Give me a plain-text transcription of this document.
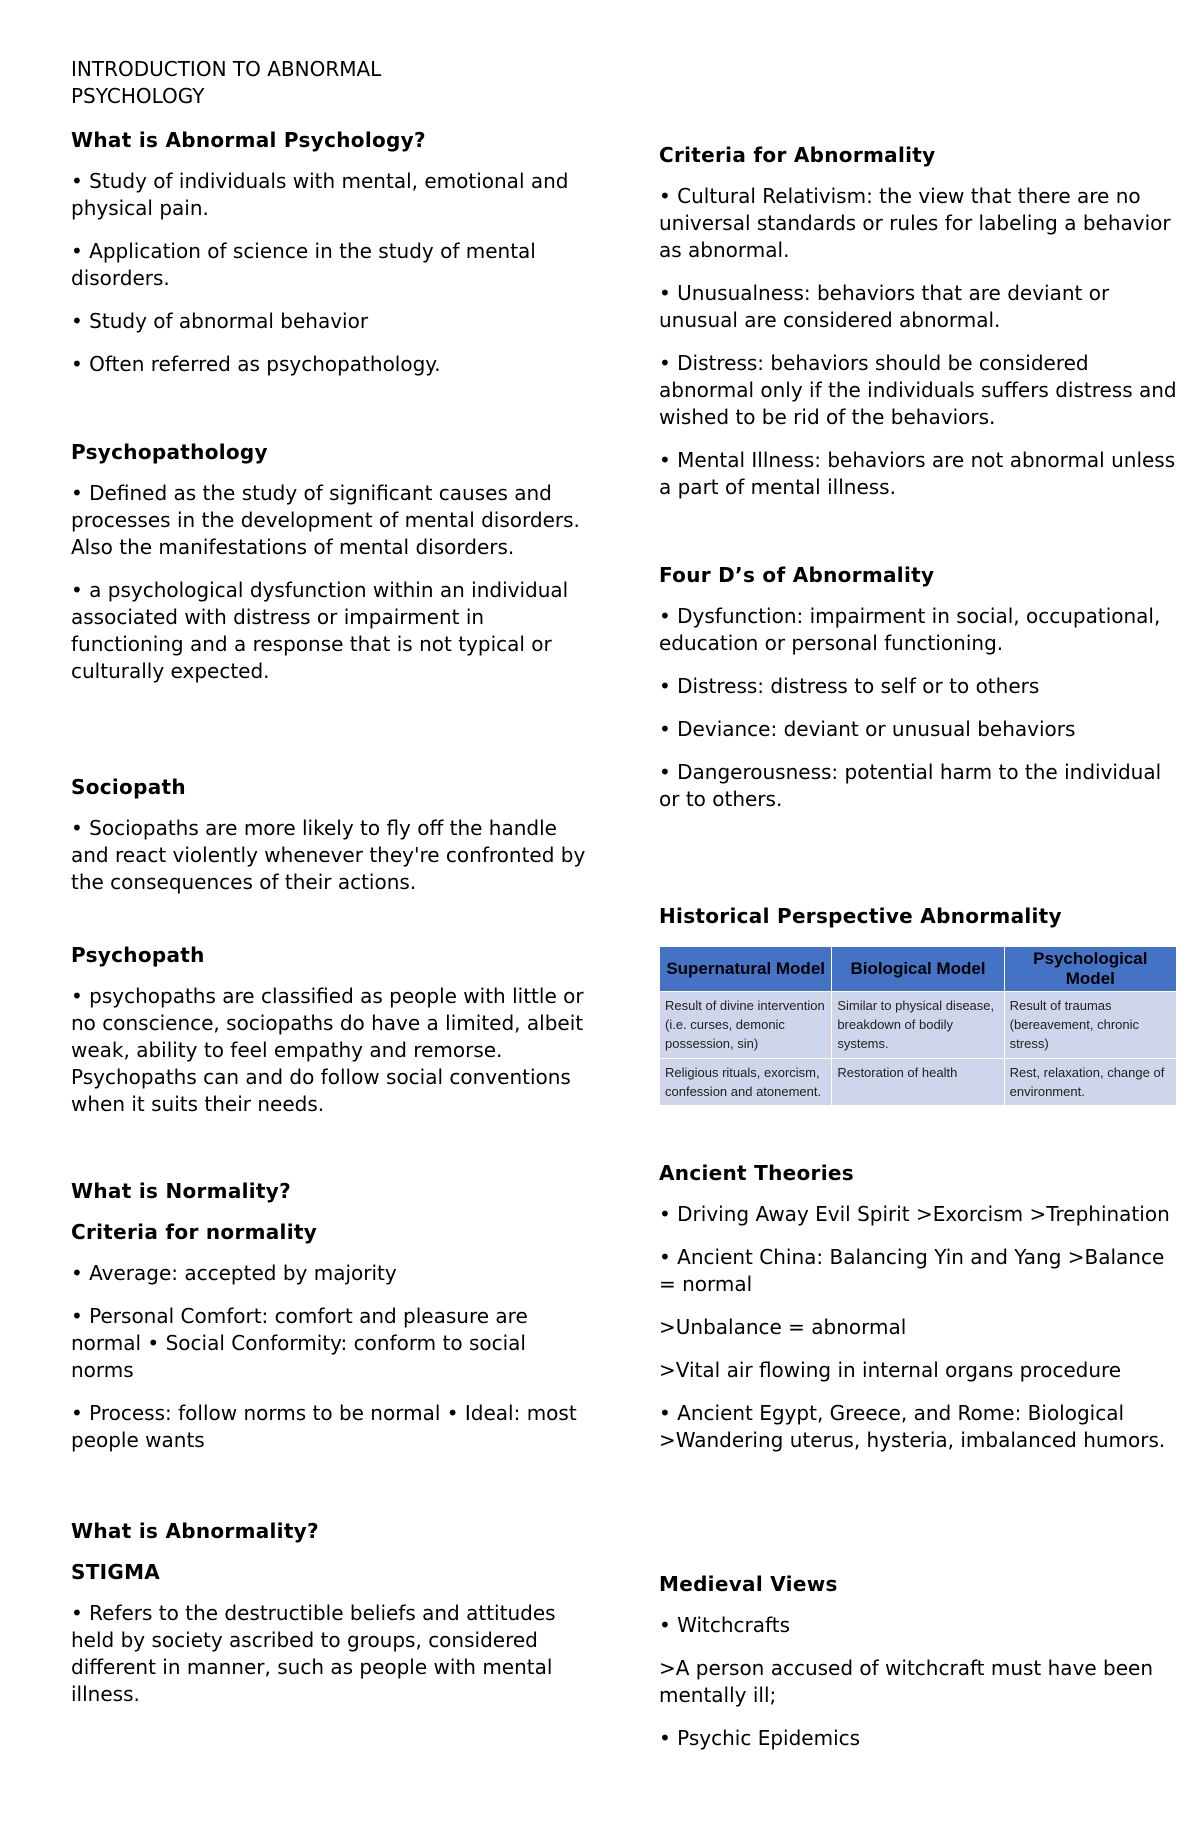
INTRODUCTION TO ABNORMAL PSYCHOLOGY
What is Abnormal Psychology?

• Study of individuals with mental, emotional and physical pain.

• Application of science in the study of mental disorders.

• Study of abnormal behavior

• Often referred as psychopathology.

Psychopathology

• Defined as the study of significant causes and processes in the development of mental disorders. Also the manifestations of mental disorders.

• a psychological dysfunction within an individual associated with distress or impairment in functioning and a response that is not typical or culturally expected.

Sociopath

• Sociopaths are more likely to fly off the handle and react violently whenever they're confronted by the consequences of their actions.

Psychopath

• psychopaths are classified as people with little or no conscience, sociopaths do have a limited, albeit weak, ability to feel empathy and remorse. Psychopaths can and do follow social conventions when it suits their needs.

What is Normality?
Criteria for normality

• Average: accepted by majority

• Personal Comfort: comfort and pleasure are normal • Social Conformity: conform to social norms

• Process: follow norms to be normal • Ideal: most people wants

What is Abnormality?
STIGMA

• Refers to the destructible beliefs and attitudes held by society ascribed to groups, considered different in manner, such as people with mental illness.

Criteria for Abnormality

• Cultural Relativism: the view that there are no universal standards or rules for labeling a behavior as abnormal.

• Unusualness: behaviors that are deviant or unusual are considered abnormal.

• Distress: behaviors should be considered abnormal only if the individuals suffers distress and wished to be rid of the behaviors.

• Mental Illness: behaviors are not abnormal unless a part of mental illness.

Four D’s of Abnormality

• Dysfunction: impairment in social, occupational, education or personal functioning.

• Distress: distress to self or to others

• Deviance: deviant or unusual behaviors

• Dangerousness: potential harm to the individual or to others.

Historical Perspective Abnormality
Supernatural Model	Biological Model	Psychological Model
Result of divine intervention (i.e. curses, demonic possession, sin)	Similar to physical disease, breakdown of bodily systems.	Result of traumas (bereavement, chronic stress)
Religious rituals, exorcism, confession and atonement.	Restoration of health	Rest, relaxation, change of environment.
Ancient Theories

• Driving Away Evil Spirit >Exorcism >Trephination

• Ancient China: Balancing Yin and Yang >Balance = normal

>Unbalance = abnormal

>Vital air flowing in internal organs procedure

• Ancient Egypt, Greece, and Rome: Biological >Wandering uterus, hysteria, imbalanced humors.

Medieval Views

• Witchcrafts

>A person accused of witchcraft must have been mentally ill;

• Psychic Epidemics
